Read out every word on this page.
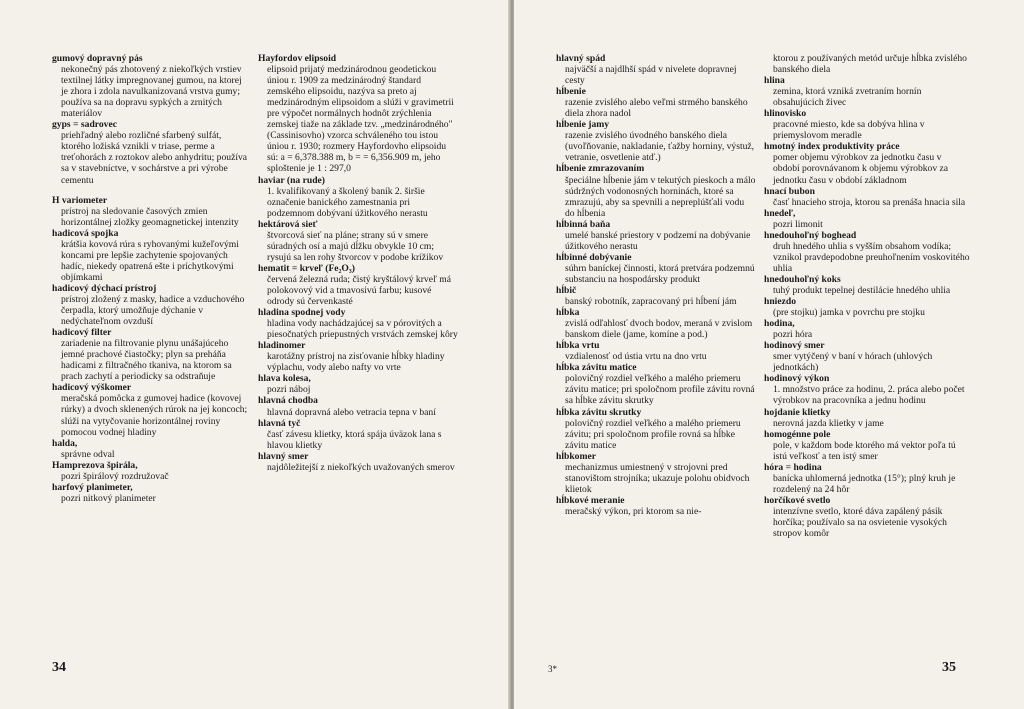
gumový dopravný pás
nekonečný pás zhotovený z niekoľkých vrstiev textilnej látky impregnovanej gumou, na ktorej je zhora i zdola navulkanizovaná vrstva gumy; používa sa na dopravu sypkých a zrnitých materiálov
gyps = sadrovec
priehľadný alebo rozličné sfarbený sulfát, ktorého ložiská vznikli v triase, perme a treťohorách z roztokov alebo anhydritu; používa sa v stavebníctve, v sochárstve a pri výrobe cementu
H variometer
prístroj na sledovanie časových zmien horizontálnej zložky geomagnetickej intenzity
hadicová spojka
krátšia kovová rúra s ryhovanými kužeľovými koncami pre lepšie zachytenie spojovaných hadíc, niekedy opatrená ešte i príchytkovými objímkami
hadicový dýchací prístroj
prístroj zložený z masky, hadice a vzduchového čerpadla, ktorý umožňuje dýchanie v nedýchateľnom ovzduší
hadicový filter
zariadenie na filtrovanie plynu unášajúceho jemné prachové čiastočky; plyn sa preháňa hadicami z filtračného tkaniva, na ktorom sa prach zachytí a periodicky sa odstraňuje
hadicový výškomer
meračská pomôcka z gumovej hadice (kovovej rúrky) a dvoch sklenených rúrok na jej koncoch; slúži na vytyčovanie horizontálnej roviny pomocou vodnej hladiny
halda,
správne odval
Hamprezova špirála,
pozri špirálový rozdružovač
harfový planimeter,
pozri nitkový planimeter
Hayfordov elipsoid
elipsoid prijatý medzinárodnou geodetickou úniou r. 1909 za medzinárodný štandard zemského elipsoidu, nazýva sa preto aj medzinárodným elipsoidom a slúži v gravimetrii pre výpočet normálnych hodnôt zrýchlenia zemskej tiaže na základe tzv. „medzinárodného" (Cassinisovho) vzorca schváleného tou istou úniou r. 1930; rozmery Hayfordovho elipsoidu sú: a = 6,378.388 m, b = = 6,356.909 m, jeho sploštenie je 1 : 297,0
haviar (na rude)
1. kvalifikovaný a školený baník 2. širšie označenie banického zamestnania pri podzemnom dobývaní úžitkového nerastu
hektárová sieť
štvorcová sieť na pláne; strany sú v smere súradných osí a majú dĺžku obvykle 10 cm; rysujú sa len rohy štvorcov v podobe krížikov
hematit = krveľ (Fe₂O₃)
červená železná ruda; čistý kryštálový krveľ má polokovový vid a tmavosivú farbu; kusové odrody sú červenkasté
hladina spodnej vody
hladina vody nachádzajúcej sa v pórovitých a piesočnatých priepustných vrstvách zemskej kôry
hladinomer
karotážny prístroj na zisťovanie hĺbky hladiny výplachu, vody alebo nafty vo vrte
hlava kolesa,
pozri náboj
hlavná chodba
hlavná dopravná alebo vetracia tepna v baní
hlavná tyč
časť závesu klietky, ktorá spája úväzok lana s hlavou klietky
hlavný smer
najdôležitejší z niekoľkých uvažovaných smerov
34
hlavný spád
najväčší a najdlhší spád v nivelete dopravnej cesty
hĺbenie
razenie zvislého alebo veľmi strmého banského diela zhora nadol
hĺbenie jamy
razenie zvislého úvodného banského diela (uvoľňovanie, nakladanie, ťažby horniny, výstuž, vetranie, osvetlenie atď.)
hĺbenie zmrazovaním
špeciálne hĺbenie jám v tekutých pieskoch a málo súdržných vodonosných horninách, ktoré sa zmrazujú, aby sa spevnili a nepreplúšťali vodu do hĺbenia
hĺbinná baňa
umelé banské priestory v podzemí na dobývanie úžitkového nerastu
hĺbinné dobývanie
súhrn baníckej činnosti, ktorá pretvára podzemnú substanciu na hospodársky produkt
hĺbič
banský robotník, zapracovaný pri hĺbení jám
hĺbka
zvislá odľahlosť dvoch bodov, meraná v zvislom banskom diele (jame, komíne a pod.)
hĺbka vrtu
vzdialenosť od ústia vrtu na dno vrtu
hĺbka závitu matice
polovičný rozdiel veľkého a malého priemeru závitu matice; pri spoločnom profile závitu rovná sa hĺbke závitu skrutky
hĺbka závitu skrutky
polovičný rozdiel veľkého a malého priemeru závitu; pri spoločnom profile rovná sa hĺbke závitu matice
hĺbkomer
mechanizmus umiestnený v strojovni pred stanovištom strojníka; ukazuje polohu obidvoch klietok
hĺbkové meranie
meračský výkon, pri ktorom sa nie-
ktorou z používaných metód určuje hĺbka zvislého banského diela
hlina
zemina, ktorá vzniká zvetraním hornín obsahujúcich živec
hlinovisko
pracovné miesto, kde sa dobýva hlina v priemyslovom meradle
hmotný index produktivity práce
pomer objemu výrobkov za jednotku času v období porovnávanom k objemu výrobkov za jednotku času v období základnom
hnací bubon
časť hnacieho stroja, ktorou sa prenáša hnacia sila
hnedeľ,
pozri limonit
hnedouhoľný boghead
druh hnedého uhlia s vyšším obsahom vodíka; vznikol pravdepodobne preuhoľnením voskovitého uhlia
hnedouhoľný koks
tuhý produkt tepelnej destilácie hnedého uhlia
hniezdo
(pre stojku) jamka v povrchu pre stojku
hodina,
pozri hóra
hodinový smer
smer vytýčený v baní v hórach (uhlových jednotkách)
hodinový výkon
1. množstvo práce za hodinu, 2. práca alebo počet výrobkov na pracovníka a jednu hodinu
hojdanie klietky
nerovná jazda klietky v jame
homogénne pole
pole, v každom bode ktorého má vektor poľa tú istú veľkosť a ten istý smer
hóra = hodina
banícka uhlomerná jednotka (15°); plný kruh je rozdelený na 24 hôr
horčíkové svetlo
intenzívne svetlo, ktoré dáva zapálený pásik horčíka; používalo sa na osvietenie vysokých stropov komôr
3*	35
